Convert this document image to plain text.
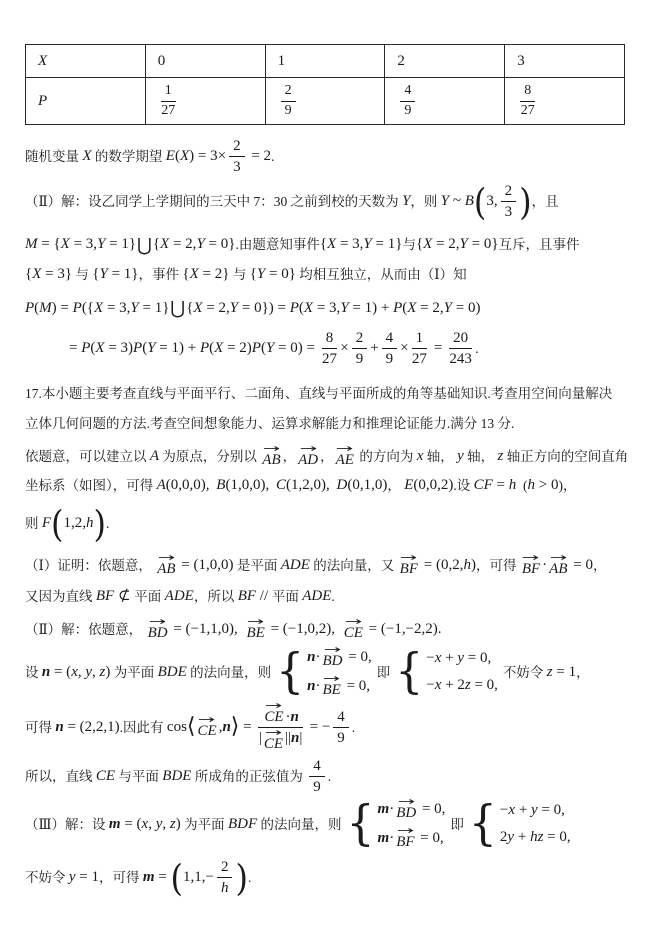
X	0	1	2	3
P	$\frac{1}{27}$	$\frac{2}{9}$	$\frac{4}{9}$	$\frac{8}{27}$
随机变量 X 的数学期望 $E(X) = 3\times \frac{2}{3} = 2$ .
（Ⅱ）解：设乙同学上学期间的三天中 7：30 之前到校的天数为 Y ，则 Y ~ B ( 3, $\frac{2}{3}$ ) ，且
M = {X = 3,Y = 1} ⋃ {X = 2,Y = 0} .由题意知事件 {X = 3,Y = 1} 与 {X = 2,Y = 0} 互斥，且事件
{X = 3} 与 {Y = 1} ，事件 {X = 2} 与 {Y = 0} 均相互独立，从而由（Ⅰ）知
P(M) = P({X = 3,Y = 1} ⋃ {X = 2,Y = 0}) = P(X = 3,Y = 1) + P(X = 2,Y = 0)
= $P(X = 3)P(Y = 1) + P(X = 2)P(Y = 0) = \frac{8}{27} \times \frac{2}{9} + \frac{4}{9} \times \frac{1}{27} = \frac{20}{243}$ .
17.本小题主要考查直线与平面平行、二面角、直线与平面所成的角等基础知识.考查用空间向量解决
立体几何问题的方法.考查空间想象能力、运算求解能力和推理论证能力.满分 13 分.
依题意，可以建立以 A 为原点，分别以
→
AB ，
→
AD ，
→
AE 的方向为 x 轴， y 轴， z 轴正方向的空间直角
坐标系（如图），可得 A(0,0,0),
B(1,0,0),
C(1,2,0),
D(0,1,0) ， E(0,0,2) .设 CF = h ( h > 0 )，
则 F ( 1,2,h ) .
（Ⅰ）证明：依题意，
→
AB = (1,0,0) 是平面 ADE 的法向量，又
→
BF = (0,2,h) ，可得
→
BF · →
AB = 0 ，
又因为直线 BF ⊄ 平面 ADE ，所以 BF // 平面 ADE .
（Ⅱ）解：依题意，
→
BD = (−1,1,0),
→
BE = (−1,0,2),
→
CE = (−1,−2,2).
设 n = (x, y, z) 为平面 BDE 的法向量，则 { n · →
BD = 0,
n · →
BE = 0,
即 { −x + y = 0,
−x + 2z = 0,
不妨令 z = 1 ，
可得 n = (2,2,1) .因此有 cos ⟨ →
CE , n ⟩ = →
CE · n
| →
CE || n | = − $\frac{4}{9}$ .
所以，直线 CE 与平面 BDE 所成角的正弦值为 $\frac{4}{9}$ .
（Ⅲ）解：设 m = (x, y, z) 为平面 BDF 的法向量，则 { m · →
BD = 0,
m · →
BF = 0,
即 { −x + y = 0,
2y + hz = 0,
不妨令 y = 1 ，可得 m = ( $1,1,- \frac{2}{h}$ ) .
